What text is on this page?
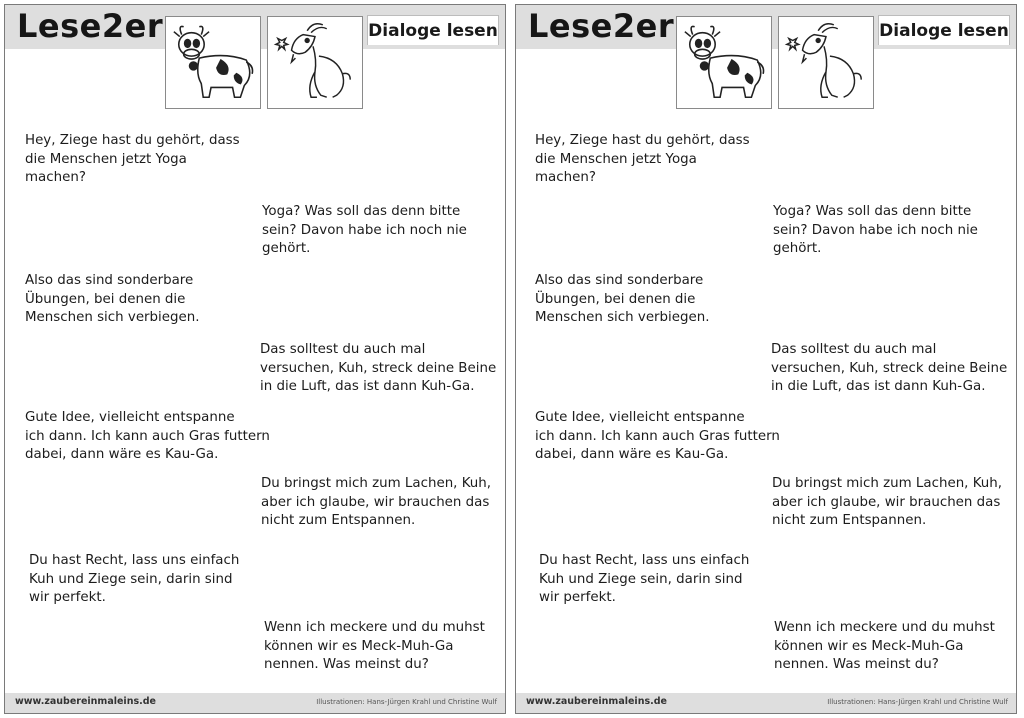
Lese2er	Dialoge lesen
Hey, Ziege hast du gehört, dass
die Menschen jetzt Yoga
machen?
Yoga? Was soll das denn bitte
sein? Davon habe ich noch nie
gehört.
Also das sind sonderbare
Übungen, bei denen die
Menschen sich verbiegen.
Das solltest du auch mal
versuchen, Kuh, streck deine Beine
in die Luft, das ist dann Kuh-Ga.
Gute Idee, vielleicht entspanne
ich dann. Ich kann auch Gras futtern
dabei, dann wäre es Kau-Ga.
Du bringst mich zum Lachen, Kuh,
aber ich glaube, wir brauchen das
nicht zum Entspannen.
Du hast Recht, lass uns einfach
Kuh und Ziege sein, darin sind
wir perfekt.
Wenn ich meckere und du muhst
können wir es Meck-Muh-Ga
nennen. Was meinst du?
www.zaubereinmaleins.de	Illustrationen: Hans-Jürgen Krahl und Christine Wulf
Lese2er	Dialoge lesen
Hey, Ziege hast du gehört, dass
die Menschen jetzt Yoga
machen?
Yoga? Was soll das denn bitte
sein? Davon habe ich noch nie
gehört.
Also das sind sonderbare
Übungen, bei denen die
Menschen sich verbiegen.
Das solltest du auch mal
versuchen, Kuh, streck deine Beine
in die Luft, das ist dann Kuh-Ga.
Gute Idee, vielleicht entspanne
ich dann. Ich kann auch Gras futtern
dabei, dann wäre es Kau-Ga.
Du bringst mich zum Lachen, Kuh,
aber ich glaube, wir brauchen das
nicht zum Entspannen.
Du hast Recht, lass uns einfach
Kuh und Ziege sein, darin sind
wir perfekt.
Wenn ich meckere und du muhst
können wir es Meck-Muh-Ga
nennen. Was meinst du?
www.zaubereinmaleins.de	Illustrationen: Hans-Jürgen Krahl und Christine Wulf
